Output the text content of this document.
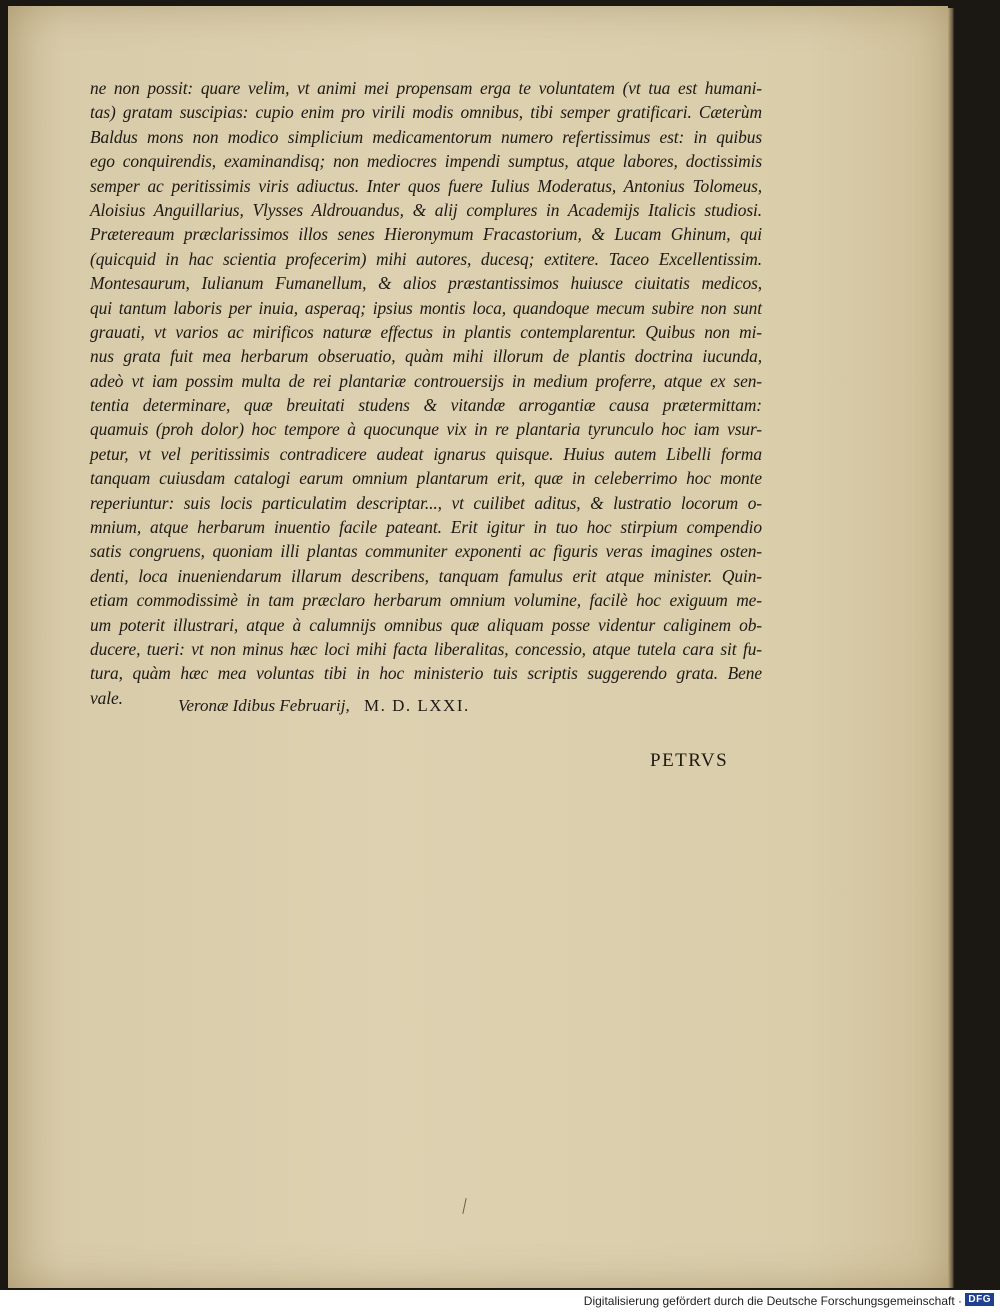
ne non possit: quare velim, vt animi mei propensam erga te voluntatem (vt tua est humani-
tas) gratam suscipias: cupio enim pro virili modis omnibus, tibi semper gratificari. Cæterùm
Baldus mons non modico simplicium medicamentorum numero refertissimus est: in quibus
ego conquirendis, examinandisq; non mediocres impendi sumptus, atque labores, doctissimis
semper ac peritissimis viris adiuctus. Inter quos fuere Iulius Moderatus, Antonius Tolomeus,
Aloisius Anguillarius, Vlysses Aldrouandus, & alij complures in Academijs Italicis studiosi.
Prætereaum præclarissimos illos senes Hieronymum Fracastorium, & Lucam Ghinum, qui
(quicquid in hac scientia profecerim) mihi autores, ducesq; extitere. Taceo Excellentissim.
Montesaurum, Iulianum Fumanellum, & alios præstantissimos huiusce ciuitatis medicos,
qui tantum laboris per inuia, asperaq; ipsius montis loca, quandoque mecum subire non sunt
grauati, vt varios ac mirificos naturæ effectus in plantis contemplarentur. Quibus non mi-
nus grata fuit mea herbarum obseruatio, quàm mihi illorum de plantis doctrina iucunda,
adeò vt iam possim multa de rei plantariæ controuersijs in medium proferre, atque ex sen-
tentia determinare, quæ breuitati studens & vitandæ arrogantiæ causa prætermittam:
quamuis (proh dolor) hoc tempore à quocunque vix in re plantaria tyrunculo hoc iam vsur-
petur, vt vel peritissimis contradicere audeat ignarus quisque. Huius autem Libelli forma
tanquam cuiusdam catalogi earum omnium plantarum erit, quæ in celeberrimo hoc monte
reperiuntur: suis locis particulatim descriptar..., vt cuilibet aditus, & lustratio locorum o-
mnium, atque herbarum inuentio facile pateant. Erit igitur in tuo hoc stirpium compendio
satis congruens, quoniam illi plantas communiter exponenti ac figuris veras imagines osten-
denti, loca inueniendarum illarum describens, tanquam famulus erit atque minister. Quin-
etiam commodissimè in tam præclaro herbarum omnium volumine, facilè hoc exiguum me-
um poterit illustrari, atque à calumnijs omnibus quæ aliquam posse videntur caliginem ob-
ducere, tueri: vt non minus hæc loci mihi facta liberalitas, concessio, atque tutela cara sit fu-
tura, quàm hæc mea voluntas tibi in hoc ministerio tuis scriptis suggerendo grata. Bene
vale.	Veronæ Idibus Februarij, M. D. LXXI.
PETRVS
Digitalisierung gefördert durch die Deutsche Forschungsgemeinschaft · DFG
